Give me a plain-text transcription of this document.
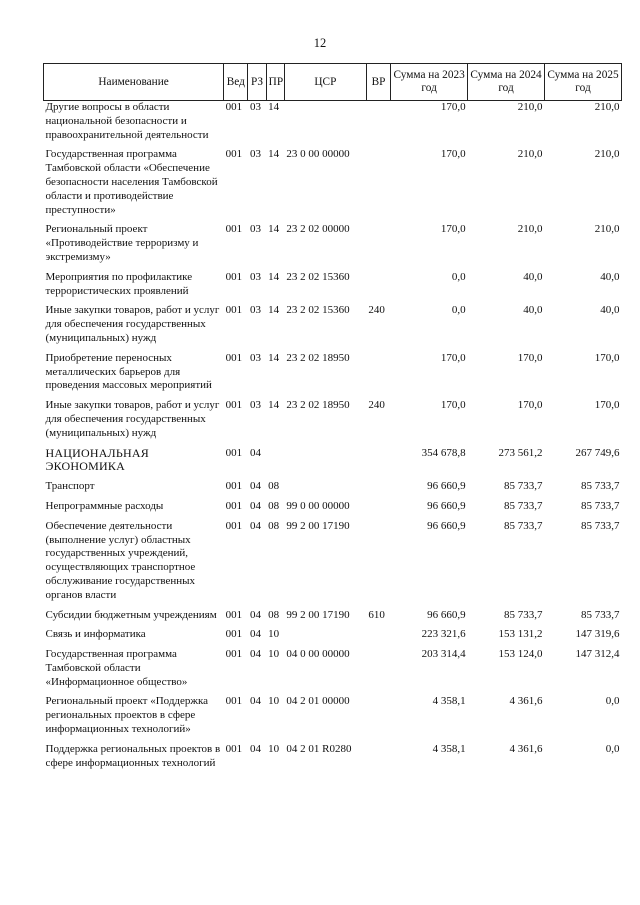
12
Наименование	Вед	РЗ	ПР	ЦСР	ВР	Сумма на 2023 год	Сумма на 2024 год	Сумма на 2025 год
Другие вопросы в области национальной безопасности и правоохранительной деятельности	001	03	14			170,0	210,0	210,0
Государственная программа Тамбовской области «Обеспечение безопасности населения Тамбовской области и противодействие преступности»	001	03	14	23 0 00 00000		170,0	210,0	210,0
Региональный проект «Противодействие терроризму и экстремизму»	001	03	14	23 2 02 00000		170,0	210,0	210,0
Мероприятия по профилактике террористических проявлений	001	03	14	23 2 02 15360		0,0	40,0	40,0
Иные закупки товаров, работ и услуг для обеспечения государственных (муниципальных) нужд	001	03	14	23 2 02 15360	240	0,0	40,0	40,0
Приобретение переносных металлических барьеров для проведения массовых мероприятий	001	03	14	23 2 02 18950		170,0	170,0	170,0
Иные закупки товаров, работ и услуг для обеспечения государственных (муниципальных) нужд	001	03	14	23 2 02 18950	240	170,0	170,0	170,0
НАЦИОНАЛЬНАЯ ЭКОНОМИКА	001	04				354 678,8	273 561,2	267 749,6
Транспорт	001	04	08			96 660,9	85 733,7	85 733,7
Непрограммные расходы	001	04	08	99 0 00 00000		96 660,9	85 733,7	85 733,7
Обеспечение деятельности (выполнение услуг) областных государственных учреждений, осуществляющих транспортное обслуживание государственных органов власти	001	04	08	99 2 00 17190		96 660,9	85 733,7	85 733,7
Субсидии бюджетным учреждениям	001	04	08	99 2 00 17190	610	96 660,9	85 733,7	85 733,7
Связь и информатика	001	04	10			223 321,6	153 131,2	147 319,6
Государственная программа Тамбовской области «Информационное общество»	001	04	10	04 0 00 00000		203 314,4	153 124,0	147 312,4
Региональный проект «Поддержка региональных проектов в сфере информационных технологий»	001	04	10	04 2 01 00000		4 358,1	4 361,6	0,0
Поддержка региональных проектов в сфере информационных технологий	001	04	10	04 2 01 R0280		4 358,1	4 361,6	0,0
